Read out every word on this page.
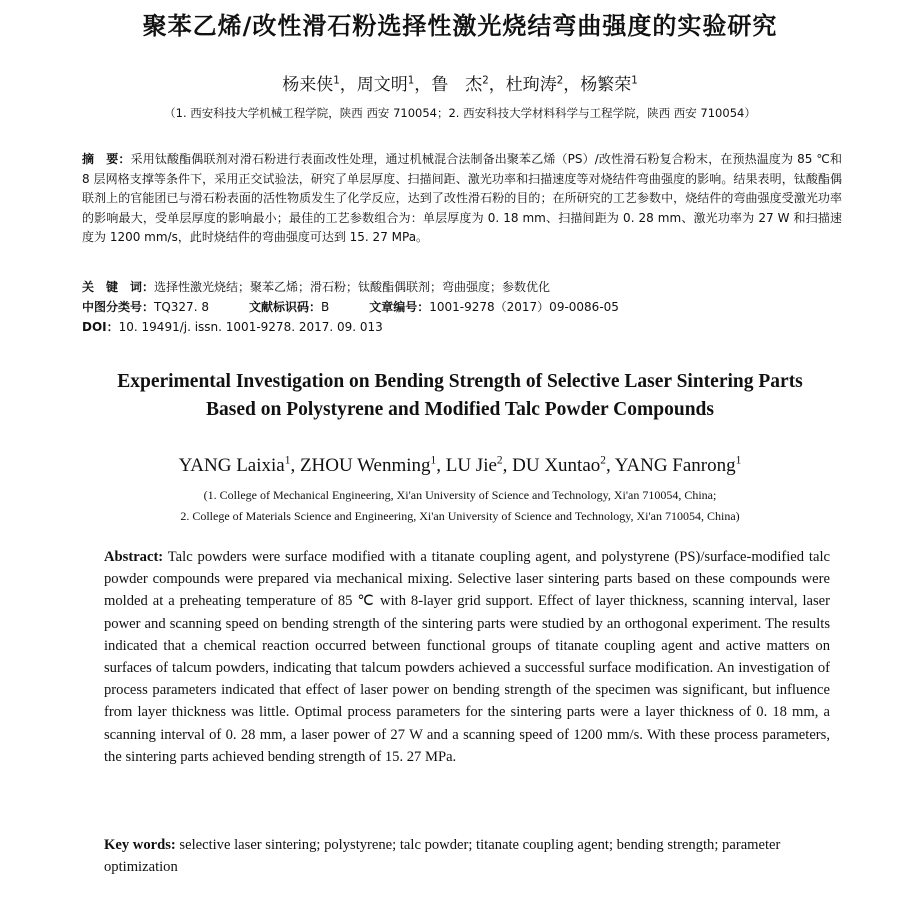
聚苯乙烯/改性滑石粉选择性激光烧结弯曲强度的实验研究
杨来侠$^1$，周文明$^1$，鲁　杰$^2$，杜珣涛$^2$，杨繁荣$^1$
（1. 西安科技大学机械工程学院，陕西 西安 710054；2. 西安科技大学材料科学与工程学院，陕西 西安 710054）
摘　要：采用钛酸酯偶联剂对滑石粉进行表面改性处理，通过机械混合法制备出聚苯乙烯（PS）/改性滑石粉复合粉末，在预热温度为 85 ℃和 8 层网格支撑等条件下，采用正交试验法，研究了单层厚度、扫描间距、激光功率和扫描速度等对烧结件弯曲强度的影响。结果表明，钛酸酯偶联剂上的官能团已与滑石粉表面的活性物质发生了化学反应，达到了改性滑石粉的目的；在所研究的工艺参数中，烧结件的弯曲强度受激光功率的影响最大，受单层厚度的影响最小；最佳的工艺参数组合为：单层厚度为 0. 18 mm、扫描间距为 0. 28 mm、激光功率为 27 W 和扫描速度为 1200 mm/s，此时烧结件的弯曲强度可达到 15. 27 MPa。
关　键　词：选择性激光烧结；聚苯乙烯；滑石粉；钛酸酯偶联剂；弯曲强度；参数优化
中图分类号：TQ327. 8	文献标识码：B	文章编号：1001-9278（2017）09-0086-05
DOI：10. 19491/j. issn. 1001-9278. 2017. 09. 013
Experimental Investigation on Bending Strength of Selective Laser Sintering Parts
Based on Polystyrene and Modified Talc Powder Compounds
YANG Laixia$^1$, ZHOU Wenming$^1$, LU Jie$^2$, DU Xuntao$^2$, YANG Fanrong$^1$
(1. College of Mechanical Engineering, Xi'an University of Science and Technology, Xi'an 710054, China;
2. College of Materials Science and Engineering, Xi'an University of Science and Technology, Xi'an 710054, China)
Abstract: Talc powders were surface modified with a titanate coupling agent, and polystyrene (PS)/surface-modified talc powder compounds were prepared via mechanical mixing. Selective laser sintering parts based on these compounds were molded at a preheating temperature of 85 ℃ with 8-layer grid support. Effect of layer thickness, scanning interval, laser power and scanning speed on bending strength of the sintering parts were studied by an orthogonal experiment. The results indicated that a chemical reaction occurred between functional groups of titanate coupling agent and active matters on surfaces of talcum powders, indicating that talcum powders achieved a successful surface modification. An investigation of process parameters indicated that effect of laser power on bending strength of the specimen was significant, but influence from layer thickness was little. Optimal process parameters for the sintering parts were a layer thickness of 0. 18 mm, a scanning interval of 0. 28 mm, a laser power of 27 W and a scanning speed of 1200 mm/s. With these process parameters, the sintering parts achieved bending strength of 15. 27 MPa.
Key words: selective laser sintering; polystyrene; talc powder; titanate coupling agent; bending strength; parameter optimization
